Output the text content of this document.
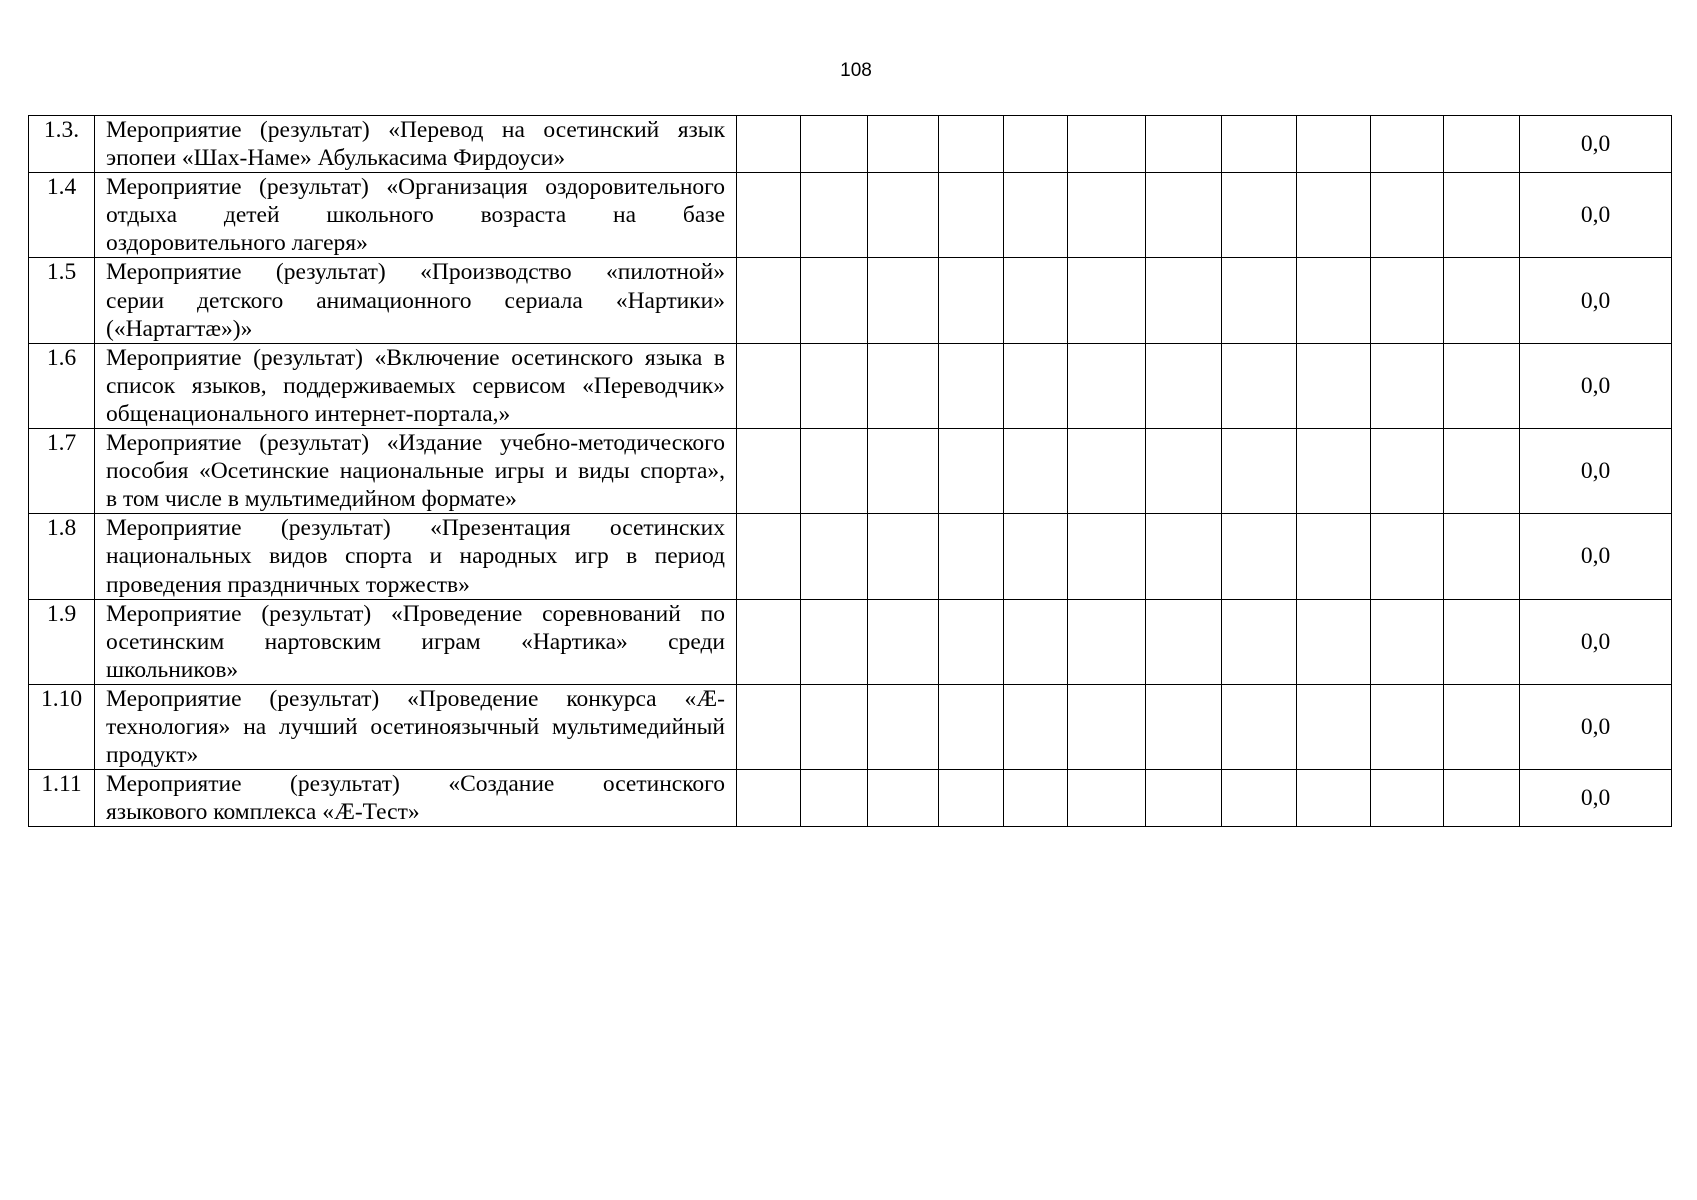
108
1.3.	Мероприятие (результат) «Перевод на осетинский язык
эпопеи «Шах-Наме» Абулькасима Фирдоуси»												0,0
1.4	Мероприятие (результат) «Организация оздоровительного
отдыха детей школьного возраста на базе
оздоровительного лагеря»												0,0
1.5	Мероприятие (результат) «Производство «пилотной»
серии детского анимационного сериала «Нартики»
(«Нартагтæ»)»												0,0
1.6	Мероприятие (результат) «Включение осетинского языка в
список языков, поддерживаемых сервисом «Переводчик»
общенационального интернет-портала,»												0,0
1.7	Мероприятие (результат) «Издание учебно-методического
пособия «Осетинские национальные игры и виды спорта»,
в том числе в мультимедийном формате»												0,0
1.8	Мероприятие (результат) «Презентация осетинских
национальных видов спорта и народных игр в период
проведения праздничных торжеств»												0,0
1.9	Мероприятие (результат) «Проведение соревнований по
осетинским нартовским играм «Нартика» среди
школьников»												0,0
1.10	Мероприятие (результат) «Проведение конкурса «Æ-
технология» на лучший осетиноязычный мультимедийный
продукт»												0,0
1.11	Мероприятие (результат) «Создание осетинского
языкового комплекса «Æ-Тест»												0,0
